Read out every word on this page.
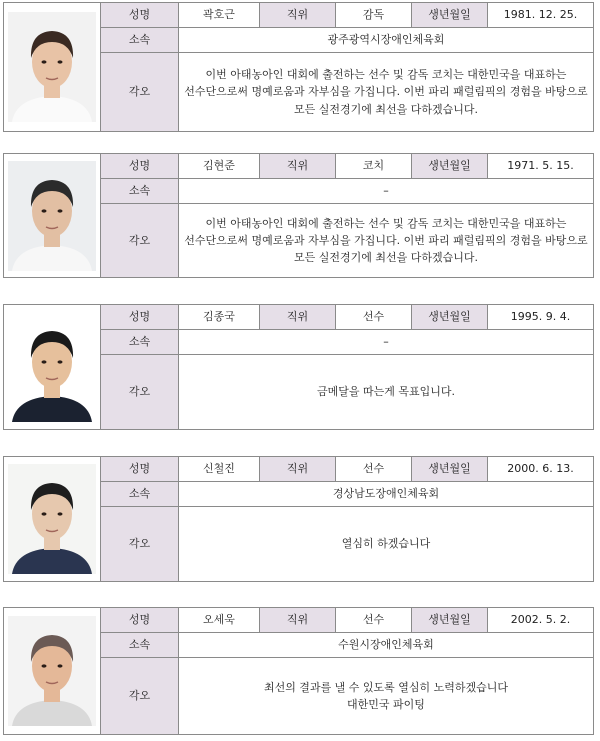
성명	곽호근	직위	감독	생년월일	1981. 12. 25.
소속	광주광역시장애인체육회
각오
이번 아태농아인 대회에 출전하는 선수 및 감독 코치는 대한민국을 대표하는
선수단으로써 명예로움과 자부심을 가집니다. 이번 파리 패럴림픽의 경험을 바탕으로
모든 실전경기에 최선을 다하겠습니다.
성명	김현준	직위	코치	생년월일	1971. 5. 15.
소속	–
각오
이번 아태농아인 대회에 출전하는 선수 및 감독 코치는 대한민국을 대표하는
선수단으로써 명예로움과 자부심을 가집니다. 이번 파리 패럴림픽의 경험을 바탕으로
모든 실전경기에 최선을 다하겠습니다.
성명	김종국	직위	선수	생년월일	1995. 9. 4.
소속	–
각오	금메달을 따는게 목표입니다.
성명	신철진	직위	선수	생년월일	2000. 6. 13.
소속	경상남도장애인체육회
각오	열심히 하겠습니다
성명	오세욱	직위	선수	생년월일	2002. 5. 2.
소속	수원시장애인체육회
각오
최선의 결과를 낼 수 있도록 열심히 노력하겠습니다
대한민국 파이팅
